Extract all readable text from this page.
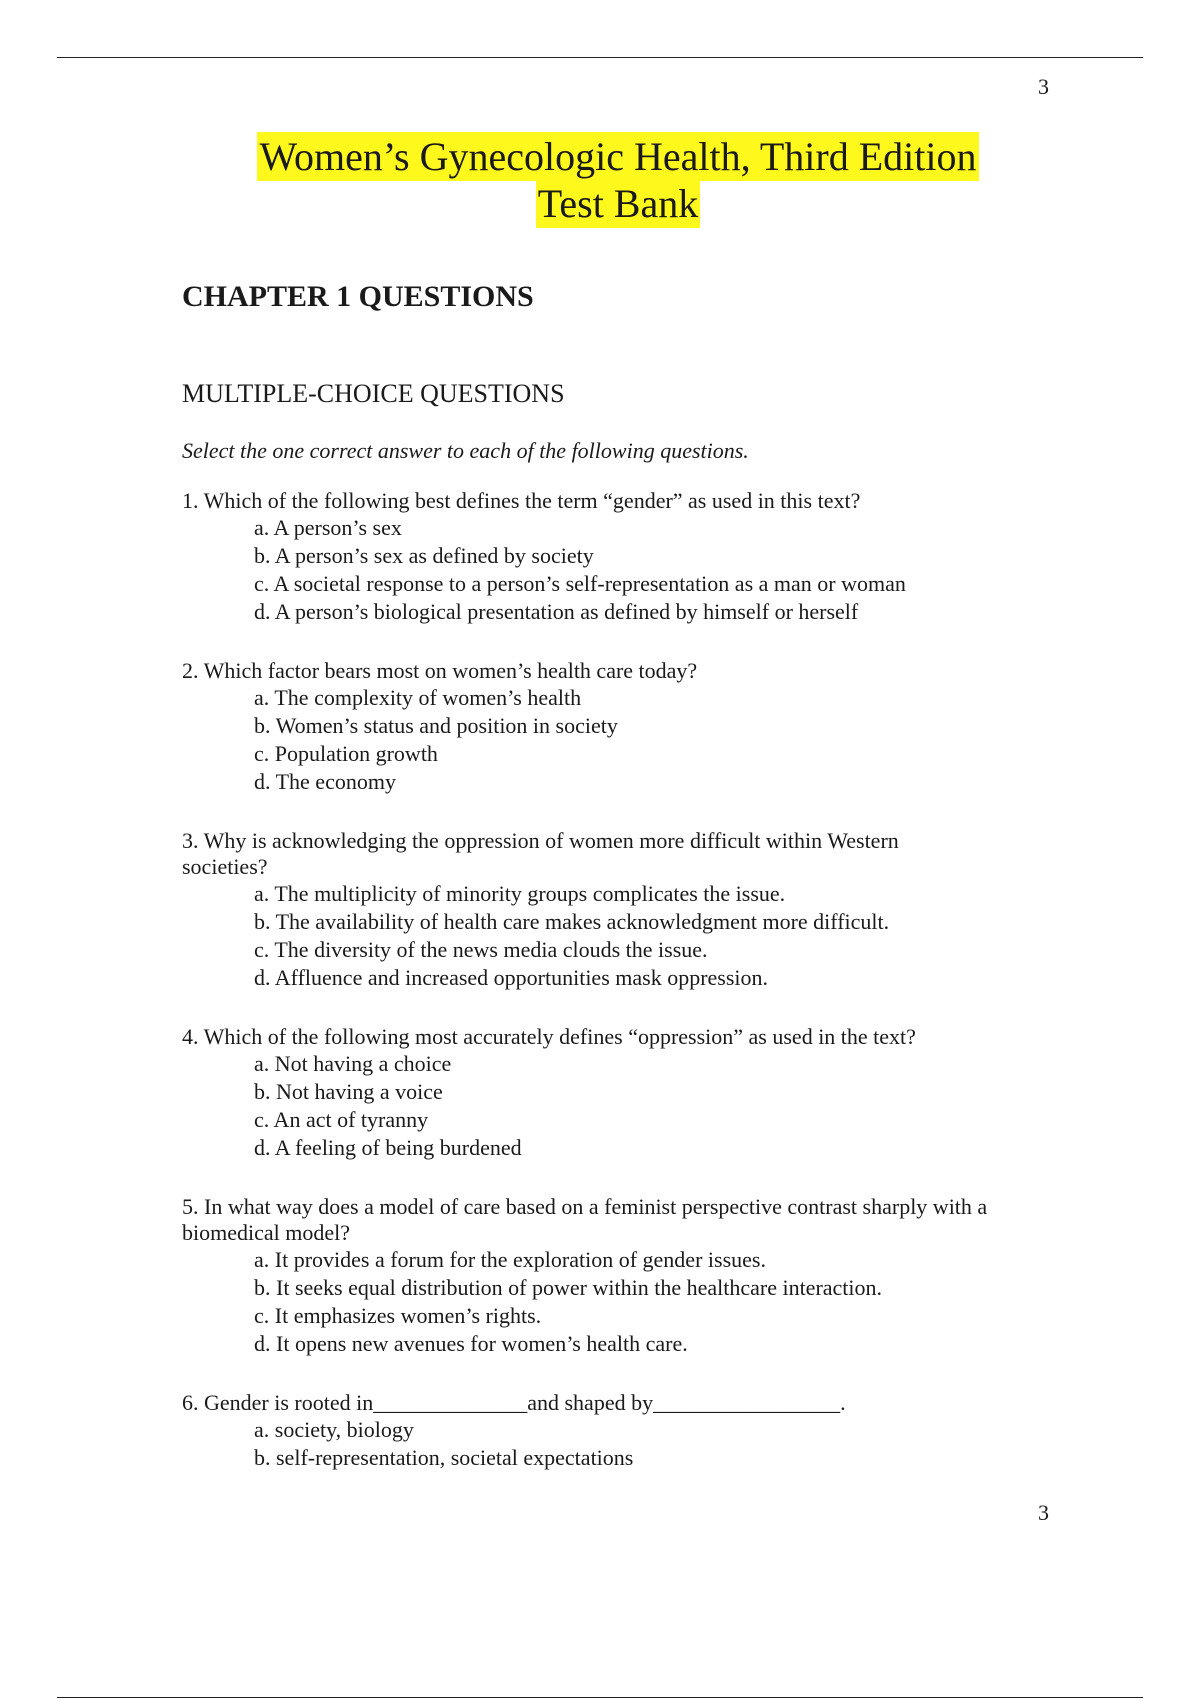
3
Women’s Gynecologic Health, Third Edition
Test Bank
CHAPTER 1 QUESTIONS
MULTIPLE-CHOICE QUESTIONS
Select the one correct answer to each of the following questions.

1. Which of the following best defines the term “gender” as used in this text?

a. A person’s sex
b. A person’s sex as defined by society
c. A societal response to a person’s self-representation as a man or woman
d. A person’s biological presentation as defined by himself or herself

2. Which factor bears most on women’s health care today?

a. The complexity of women’s health
b. Women’s status and position in society
c. Population growth
d. The economy

3. Why is acknowledging the oppression of women more difficult within Western societies?

a. The multiplicity of minority groups complicates the issue.
b. The availability of health care makes acknowledgment more difficult.
c. The diversity of the news media clouds the issue.
d. Affluence and increased opportunities mask oppression.

4. Which of the following most accurately defines “oppression” as used in the text?

a. Not having a choice
b. Not having a voice
c. An act of tyranny
d. A feeling of being burdened

5. In what way does a model of care based on a feminist perspective contrast sharply with a biomedical model?

a. It provides a forum for the exploration of gender issues.
b. It seeks equal distribution of power within the healthcare interaction.
c. It emphasizes women’s rights.
d. It opens new avenues for women’s health care.

6. Gender is rooted in______________and shaped by_________________.

a. society, biology
b. self-representation, societal expectations
3
